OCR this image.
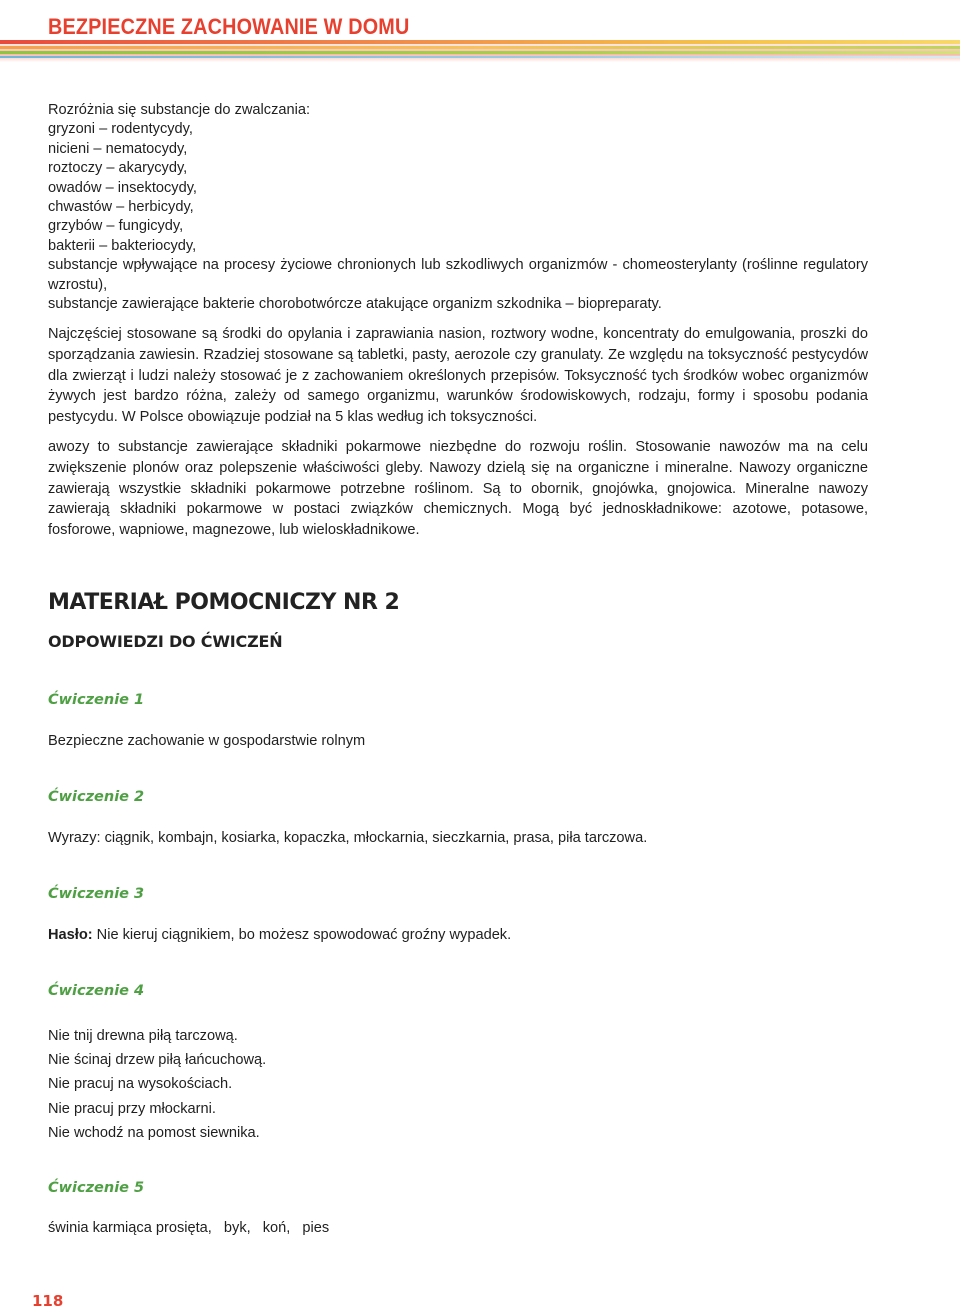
BEZPIECZNE ZACHOWANIE W DOMU

Rozróżnia się substancje do zwalczania:

gryzoni – rodentycydy,

nicieni – nematocydy,

roztoczy – akarycydy,

owadów – insektocydy,

chwastów – herbicydy,

grzybów – fungicydy,

bakterii – bakteriocydy,

substancje wpływające na procesy życiowe chronionych lub szkodliwych organizmów - chomeosterylanty (roślinne regulatory wzrostu),

substancje zawierające bakterie chorobotwórcze atakujące organizm szkodnika – biopreparaty.

Najczęściej stosowane są środki do opylania i zaprawiania nasion, roztwory wodne, koncentraty do emulgowania, proszki do sporządzania zawiesin. Rzadziej stosowane są tabletki, pasty, aerozole czy granulaty. Ze względu na toksyczność pestycydów dla zwierząt i ludzi należy stosować je z zachowaniem określonych przepisów. Toksyczność tych środków wobec organizmów żywych jest bardzo różna, zależy od samego organizmu, warunków środowiskowych, rodzaju, formy i sposobu podania pestycydu. W Polsce obowiązuje podział na 5 klas według ich toksyczności.

awozy to substancje zawierające składniki pokarmowe niezbędne do rozwoju roślin. Stosowanie nawozów ma na celu zwiększenie plonów oraz polepszenie właściwości gleby. Nawozy dzielą się na organiczne i mineralne. Nawozy organiczne zawierają wszystkie składniki pokarmowe potrzebne roślinom. Są to obornik, gnojówka, gnojowica. Mineralne nawozy zawierają składniki pokarmowe w postaci związków chemicznych. Mogą być jednoskładnikowe: azotowe, potasowe, fosforowe, wapniowe, magnezowe, lub wieloskładnikowe.

MATERIAŁ POMOCNICZY NR 2
ODPOWIEDZI DO ĆWICZEŃ

Ćwiczenie 1

Bezpieczne zachowanie w gospodarstwie rolnym

Ćwiczenie 2

Wyrazy: ciągnik, kombajn, kosiarka, kopaczka, młockarnia, sieczkarnia, prasa, piła tarczowa.

Ćwiczenie 3

Hasło: Nie kieruj ciągnikiem, bo możesz spowodować groźny wypadek.

Ćwiczenie 4

Nie tnij drewna piłą tarczową.

Nie ścinaj drzew piłą łańcuchową.

Nie pracuj na wysokościach.

Nie pracuj przy młockarni.

Nie wchodź na pomost siewnika.

Ćwiczenie 5

świnia karmiąca prosięta, byk, koń, pies

118
